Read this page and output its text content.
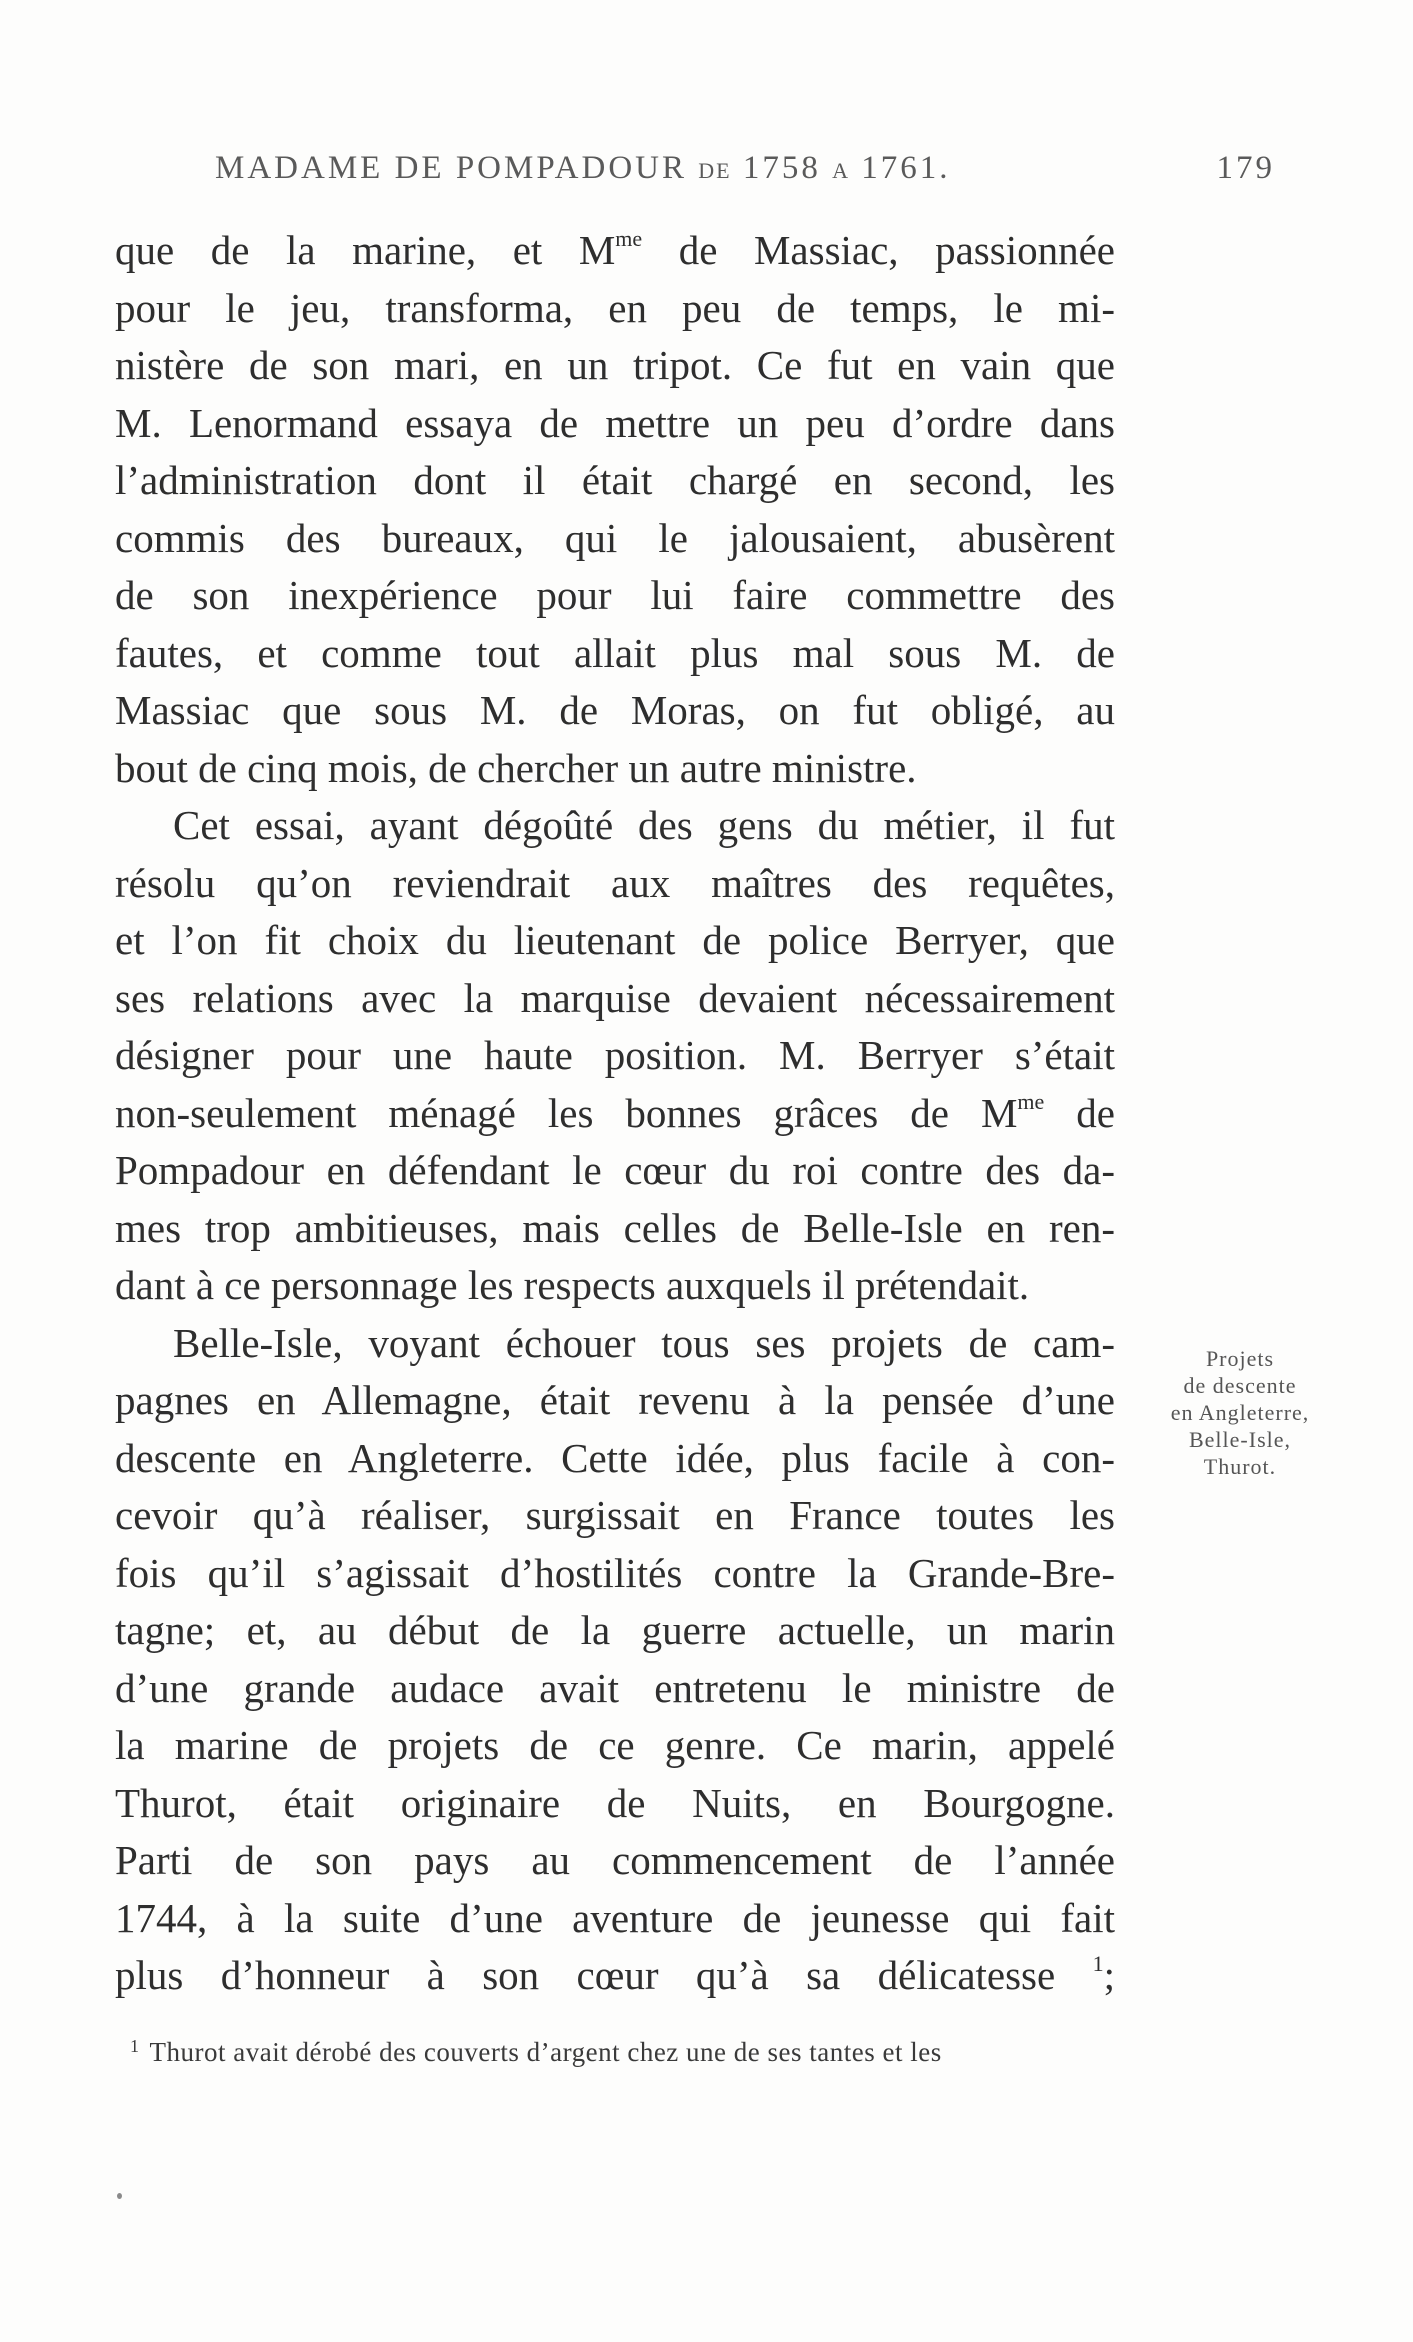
MADAME DE POMPADOUR DE 1758 A 1761.	179
que de la marine, et $M^{me}$ de Massiac, passionnée
pour le jeu, transforma, en peu de temps, le mi-
nistère de son mari, en un tripot. Ce fut en vain que
M. Lenormand essaya de mettre un peu d’ordre dans
l’administration dont il était chargé en second, les
commis des bureaux, qui le jalousaient, abusèrent
de son inexpérience pour lui faire commettre des
fautes, et comme tout allait plus mal sous M. de
Massiac que sous M. de Moras, on fut obligé, au
bout de cinq mois, de chercher un autre ministre.
Cet essai, ayant dégoûté des gens du métier, il fut
résolu qu’on reviendrait aux maîtres des requêtes,
et l’on fit choix du lieutenant de police Berryer, que
ses relations avec la marquise devaient nécessairement
désigner pour une haute position. M. Berryer s’était
non-seulement ménagé les bonnes grâces de $M^{me}$ de
Pompadour en défendant le cœur du roi contre des da-
mes trop ambitieuses, mais celles de Belle-Isle en ren-
dant à ce personnage les respects auxquels il prétendait.
Belle-Isle, voyant échouer tous ses projets de cam-
pagnes en Allemagne, était revenu à la pensée d’une
descente en Angleterre. Cette idée, plus facile à con-
cevoir qu’à réaliser, surgissait en France toutes les
fois qu’il s’agissait d’hostilités contre la Grande-Bre-
tagne; et, au début de la guerre actuelle, un marin
d’une grande audace avait entretenu le ministre de
la marine de projets de ce genre. Ce marin, appelé
Thurot, était originaire de Nuits, en Bourgogne.
Parti de son pays au commencement de l’année
1744, à la suite d’une aventure de jeunesse qui fait
plus d’honneur à son cœur qu’à sa délicatesse $^1$;
Projets
de descente
en Angleterre,
Belle-Isle,
Thurot.
$^1$ Thurot avait dérobé des couverts d’argent chez une de ses tantes et les
